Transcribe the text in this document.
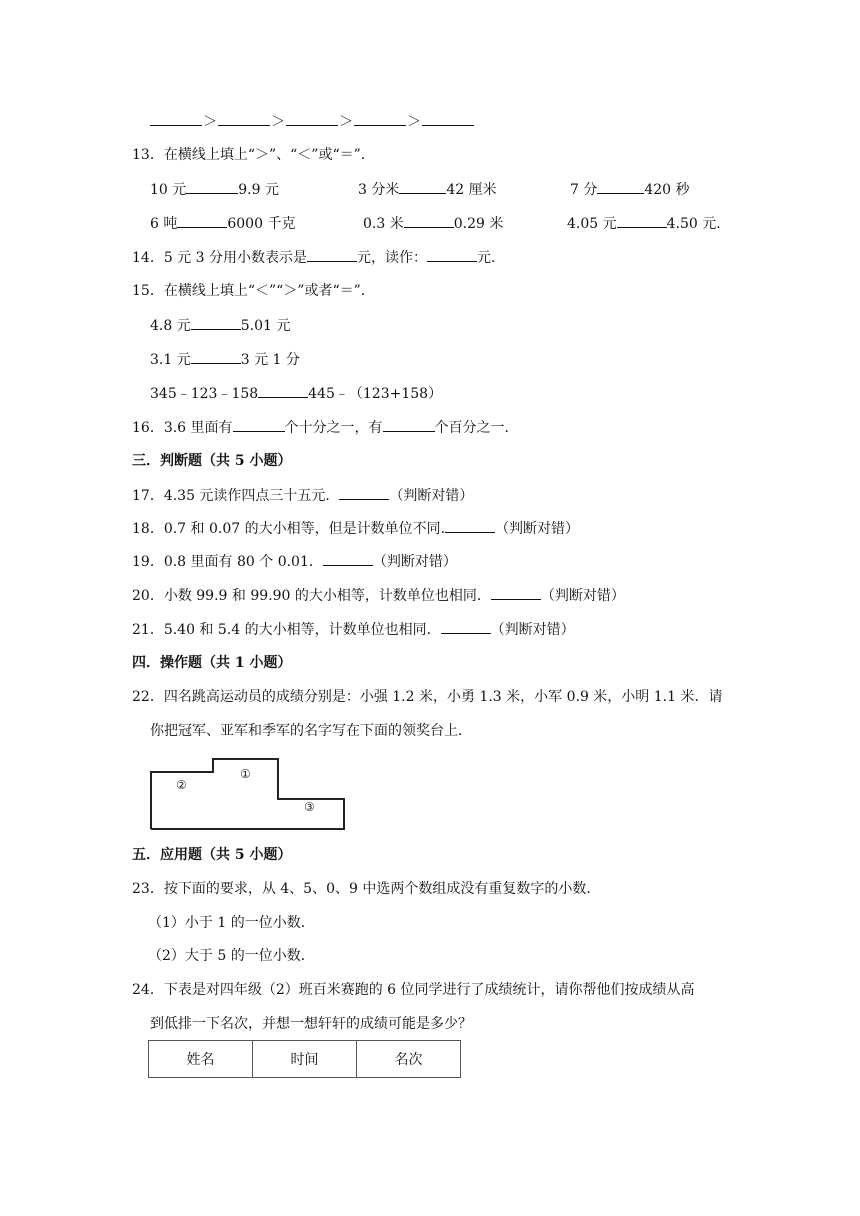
＞	＞	＞	＞
13．在横线上填上“＞”、“＜”或“＝”．
10 元	9.9 元	3 分米	42 厘米	7 分	420 秒
6 吨	6000 千克	0.3 米	0.29 米	4.05 元	4.50 元．
14．5 元 3 分用小数表示是	元，读作：	元．
15．在横线上填上“＜”“＞”或者“＝”．
4.8 元	5.01 元
3.1 元	3 元 1 分
345﹣123﹣158	445﹣（123+158）
16．3.6 里面有	个十分之一，有	个百分之一．
三．判断题（共 5 小题）
17．4.35 元读作四点三十五元．	（判断对错）
18．0.7 和 0.07 的大小相等，但是计数单位不同.	（判断对错）
19．0.8 里面有 80 个 0.01．	（判断对错）
20．小数 99.9 和 99.90 的大小相等，计数单位也相同．	（判断对错）
21．5.40 和 5.4 的大小相等，计数单位也相同．	（判断对错）
四．操作题（共 1 小题）
22．四名跳高运动员的成绩分别是：小强 1.2 米，小勇 1.3 米，小军 0.9 米，小明 1.1 米．请
你把冠军、亚军和季军的名字写在下面的领奖台上．
②
①
③
五．应用题（共 5 小题）
23．按下面的要求，从 4、5、0、9 中选两个数组成没有重复数字的小数．
（1）小于 1 的一位小数．
（2）大于 5 的一位小数．
24．下表是对四年级（2）班百米赛跑的 6 位同学进行了成绩统计，请你帮他们按成绩从高
到低排一下名次，并想一想轩轩的成绩可能是多少？
姓名	时间	名次
